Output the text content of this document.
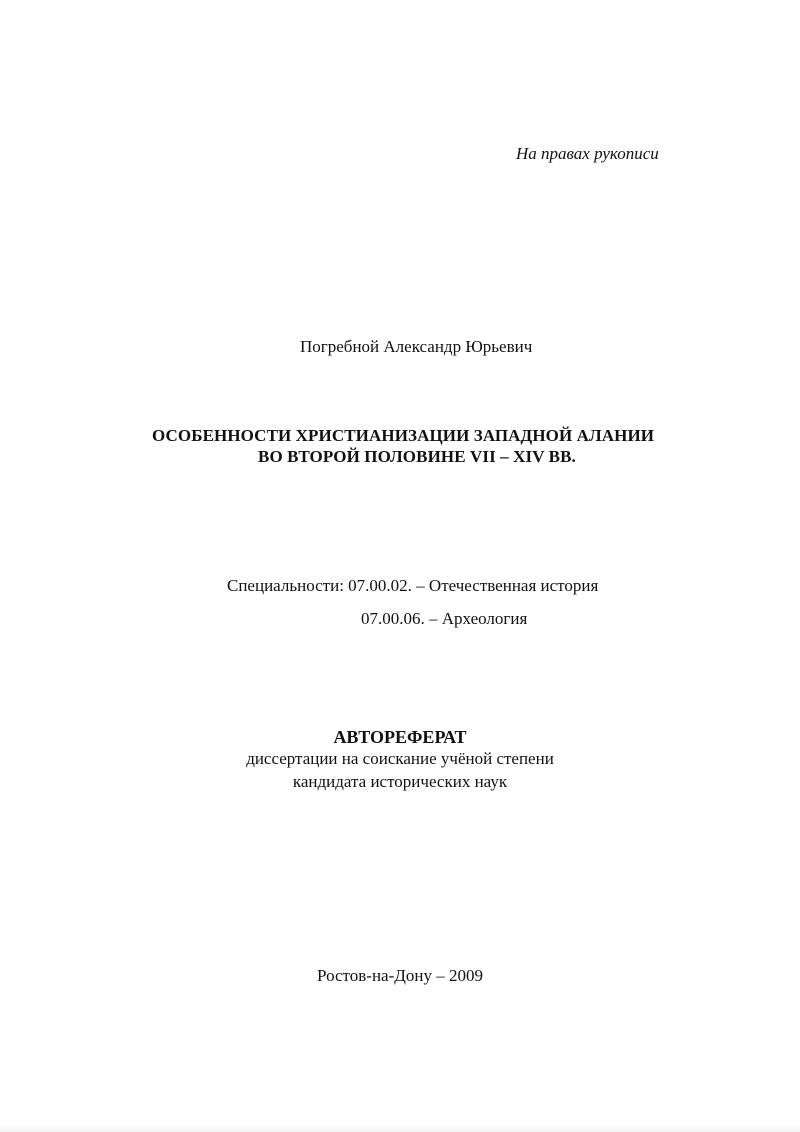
На правах рукописи
Погребной Александр Юрьевич
ОСОБЕННОСТИ ХРИСТИАНИЗАЦИИ ЗАПАДНОЙ АЛАНИИ
ВО ВТОРОЙ ПОЛОВИНЕ VII – XIV ВВ.
Специальности: 07.00.02. – Отечественная история
07.00.06. – Археология
АВТОРЕФЕРАТ
диссертации на соискание учёной степени
кандидата исторических наук
Ростов-на-Дону – 2009
